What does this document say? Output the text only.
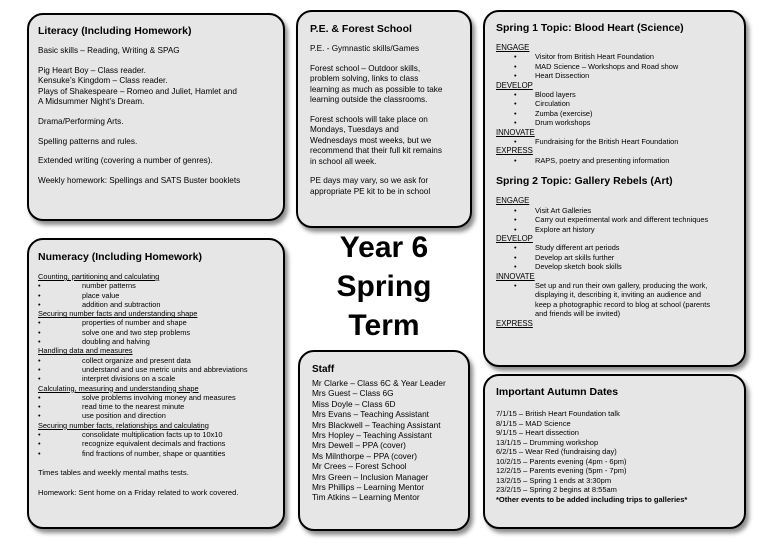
Literacy (Including Homework)
Basic skills – Reading, Writing & SPAG
Pig Heart Boy – Class reader.
Kensuke’s Kingdom – Class reader.
Plays of Shakespeare – Romeo and Juliet, Hamlet and
A Midsummer Night’s Dream.
Drama/Performing Arts.
Spelling patterns and rules.
Extended writing (covering a number of genres).
Weekly homework: Spellings and SATS Buster booklets
P.E. & Forest School
P.E. - Gymnastic skills/Games
Forest school – Outdoor skills,
problem solving, links to class
learning as much as possible to take
learning outside the classrooms.
Forest schools will take place on
Mondays, Tuesdays and
Wednesdays most weeks, but we
recommend that their full kit remains
in school all week.
PE days may vary, so we ask for
appropriate PE kit to be in school
Spring 1 Topic: Blood Heart (Science)
ENGAGE
• Visitor from British Heart Foundation
• MAD Science – Workshops and Road show
• Heart Dissection
DEVELOP
• Blood layers
• Circulation
• Zumba (exercise)
• Drum workshops
INNOVATE
• Fundraising for the British Heart Foundation
EXPRESS
• RAPS, poetry and presenting information
Spring 2 Topic: Gallery Rebels (Art)
ENGAGE
• Visit Art Galleries
• Carry out experimental work and different techniques
• Explore art history
DEVELOP
• Study different art periods
• Develop art skills further
• Develop sketch book skills
INNOVATE
• Set up and run their own gallery, producing the work,
displaying it, describing it, inviting an audience and
keep a photographic record to blog at school (parents
and friends will be invited)
EXPRESS
Year 6
Spring
Term
Numeracy (Including Homework)
Counting, partitioning and calculating
• number patterns
• place value
• addition and subtraction
Securing number facts and understanding shape
• properties of number and shape
• solve one and two step problems
• doubling and halving
Handling data and measures
• collect organize and present data
• understand and use metric units and abbreviations
• interpret divisions on a scale
Calculating, measuring and understanding shape
• solve problems involving money and measures
• read time to the nearest minute
• use position and direction
Securing number facts, relationships and calculating
• consolidate multiplication facts up to 10x10
• recognize equivalent decimals and fractions
• find fractions of number, shape or quantities
Times tables and weekly mental maths tests.
Homework: Sent home on a Friday related to work covered.
Staff
Mr Clarke – Class 6C & Year Leader
Mrs Guest – Class 6G
Miss Doyle – Class 6D
Mrs Evans – Teaching Assistant
Mrs Blackwell – Teaching Assistant
Mrs Hopley – Teaching Assistant
Mrs Dewell – PPA (cover)
Ms Milnthorpe – PPA (cover)
Mr Crees – Forest School
Mrs Green – Inclusion Manager
Mrs Phillips – Learning Mentor
Tim Atkins – Learning Mentor
Important Autumn Dates
7/1/15 – British Heart Foundation talk
8/1/15 – MAD Science
9/1/15 – Heart dissection
13/1/15 – Drumming workshop
6/2/15 – Wear Red (fundraising day)
10/2/15 – Parents evening (4pm - 6pm)
12/2/15 – Parents evening (5pm - 7pm)
13/2/15 – Spring 1 ends at 3:30pm
23/2/15 – Spring 2 begins at 8:55am
*Other events to be added including trips to galleries*
